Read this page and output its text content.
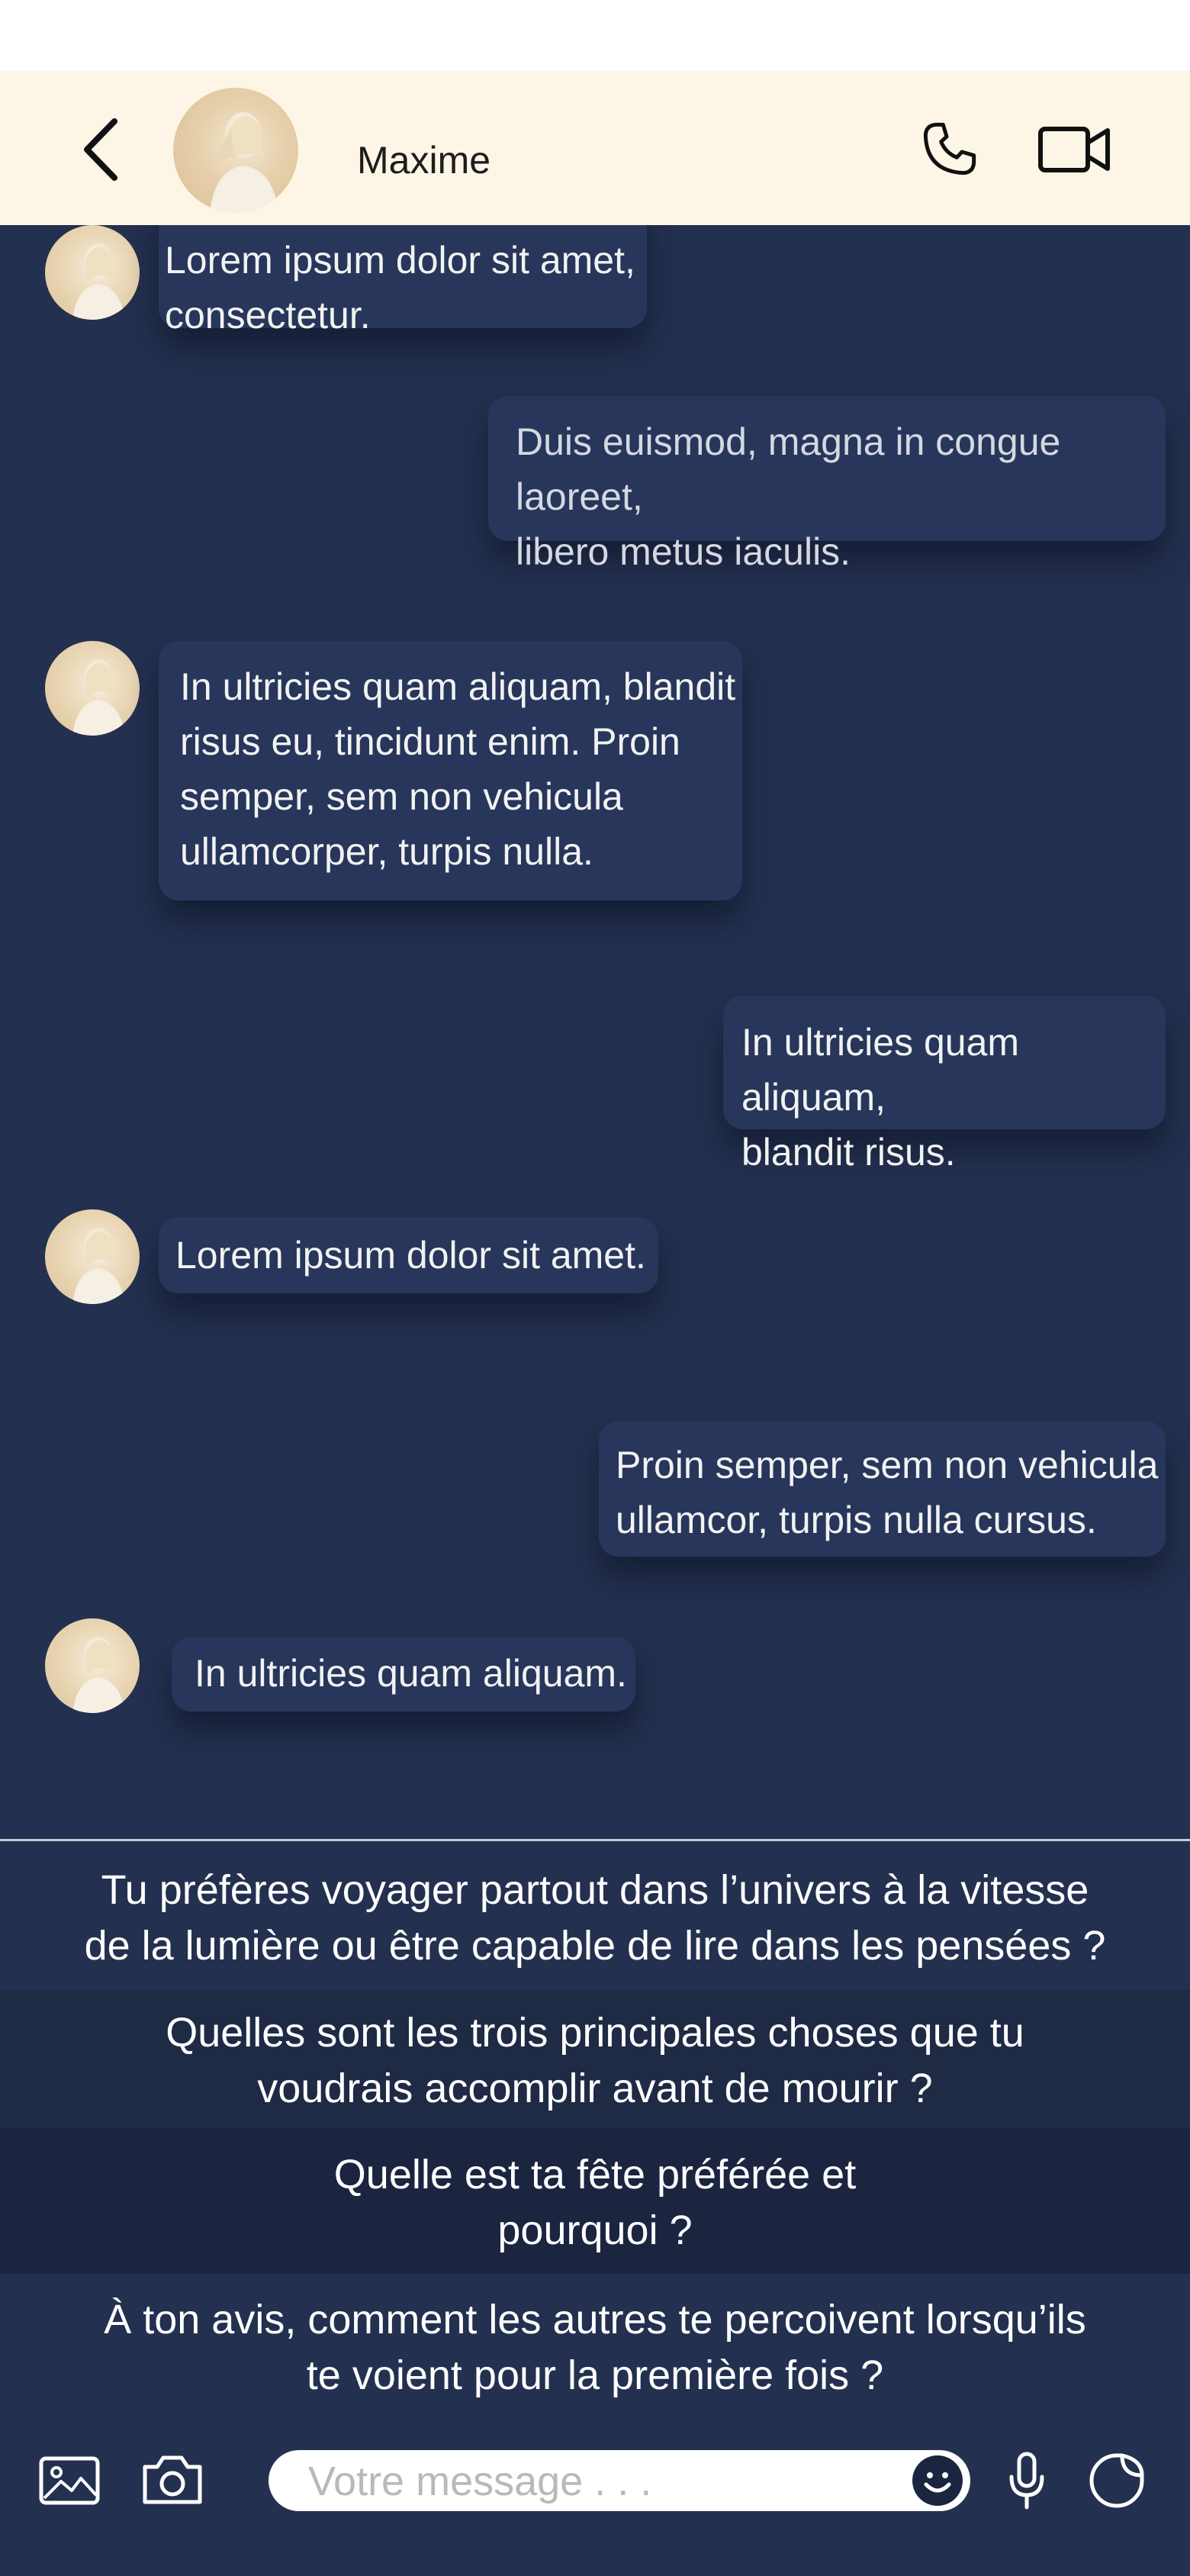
Maxime
Lorem ipsum dolor sit amet,
consectetur.
Duis euismod, magna in congue laoreet,
libero metus iaculis.
In ultricies quam aliquam, blandit
risus eu, tincidunt enim. Proin
semper, sem non vehicula
ullamcorper, turpis nulla.
In ultricies quam aliquam,
blandit risus.
Lorem ipsum dolor sit amet.
Proin semper, sem non vehicula
ullamcor, turpis nulla cursus.
In ultricies quam aliquam.
Tu préfères voyager partout dans l’univers à la vitesse
de la lumière ou être capable de lire dans les pensées ?
Quelles sont les trois principales choses que tu
voudrais accomplir avant de mourir ?
Quelle est ta fête préférée et
pourquoi ?
À ton avis, comment les autres te percoivent lorsqu’ils
te voient pour la première fois ?
Votre message . . .
